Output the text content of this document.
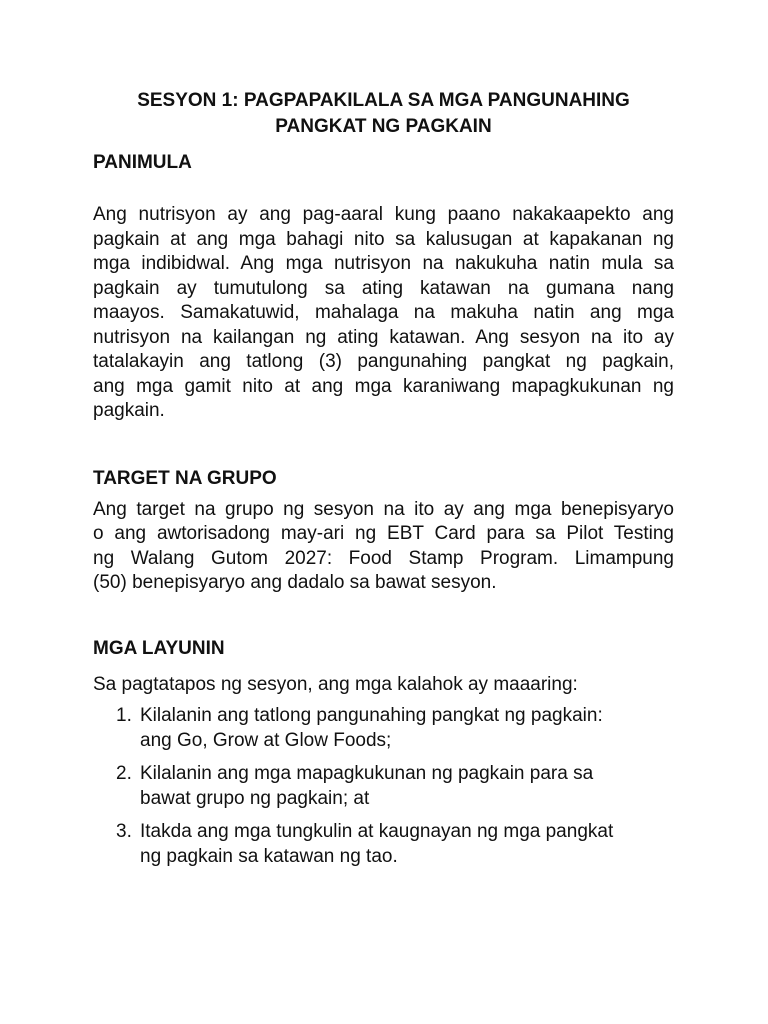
SESYON 1: PAGPAPAKILALA SA MGA PANGUNAHING
PANGKAT NG PAGKAIN
PANIMULA

Ang nutrisyon ay ang pag-aaral kung paano nakakaapekto ang
pagkain at ang mga bahagi nito sa kalusugan at kapakanan ng
mga indibidwal. Ang mga nutrisyon na nakukuha natin mula sa
pagkain ay tumutulong sa ating katawan na gumana nang
maayos. Samakatuwid, mahalaga na makuha natin ang mga
nutrisyon na kailangan ng ating katawan. Ang sesyon na ito ay
tatalakayin ang tatlong (3) pangunahing pangkat ng pagkain,
ang mga gamit nito at ang mga karaniwang mapagkukunan ng
pagkain.

TARGET NA GRUPO

Ang target na grupo ng sesyon na ito ay ang mga benepisyaryo
o ang awtorisadong may-ari ng EBT Card para sa Pilot Testing
ng Walang Gutom 2027: Food Stamp Program. Limampung
(50) benepisyaryo ang dadalo sa bawat sesyon.

MGA LAYUNIN

Sa pagtatapos ng sesyon, ang mga kalahok ay maaaring:

1. Kilalanin ang tatlong pangunahing pangkat ng pagkain:
ang Go, Grow at Glow Foods;
2. Kilalanin ang mga mapagkukunan ng pagkain para sa
bawat grupo ng pagkain; at
3. Itakda ang mga tungkulin at kaugnayan ng mga pangkat
ng pagkain sa katawan ng tao.
